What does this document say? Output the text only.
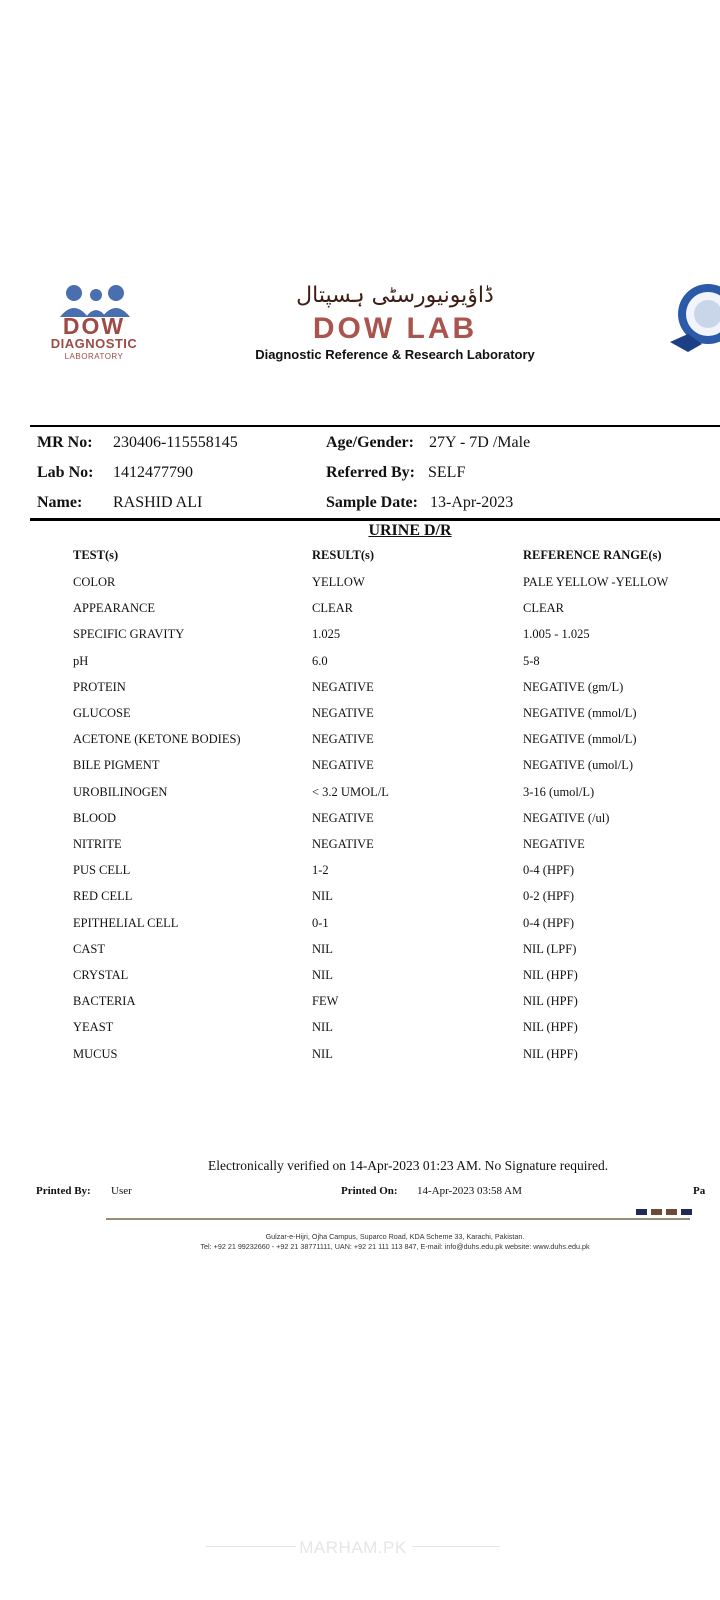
DOW
DIAGNOSTIC
LABORATORY
ڈاؤیونیورسٹی ہسپتال
DOW LAB
Diagnostic Reference & Research Laboratory
MR No: 230406-115558145
Lab No: 1412477790
Name: RASHID ALI
Age/Gender: 27Y - 7D /Male
Referred By: SELF
Sample Date: 13-Apr-2023
URINE D/R
TEST(s)	RESULT(s)	REFERENCE RANGE(s)
COLOR	YELLOW	PALE YELLOW -YELLOW
APPEARANCE	CLEAR	CLEAR
SPECIFIC GRAVITY	1.025	1.005 - 1.025
pH	6.0	5-8
PROTEIN	NEGATIVE	NEGATIVE (gm/L)
GLUCOSE	NEGATIVE	NEGATIVE (mmol/L)
ACETONE (KETONE BODIES)	NEGATIVE	NEGATIVE (mmol/L)
BILE PIGMENT	NEGATIVE	NEGATIVE (umol/L)
UROBILINOGEN	< 3.2 UMOL/L	3-16 (umol/L)
BLOOD	NEGATIVE	NEGATIVE (/ul)
NITRITE	NEGATIVE	NEGATIVE
PUS CELL	1-2	0-4 (HPF)
RED CELL	NIL	0-2 (HPF)
EPITHELIAL CELL	0-1	0-4 (HPF)
CAST	NIL	NIL (LPF)
CRYSTAL	NIL	NIL (HPF)
BACTERIA	FEW	NIL (HPF)
YEAST	NIL	NIL (HPF)
MUCUS	NIL	NIL (HPF)
Electronically verified on 14-Apr-2023 01:23 AM. No Signature required.
Printed By: User	Printed On: 14-Apr-2023 03:58 AM	Pa
Gulzar-e-Hijri, Ojha Campus, Suparco Road, KDA Scheme 33, Karachi, Pakistan.
Tel: +92 21 99232660 - +92 21 38771111, UAN: +92 21 111 113 847, E-mail: info@duhs.edu.pk website: www.duhs.edu.pk
MARHAM.PK
